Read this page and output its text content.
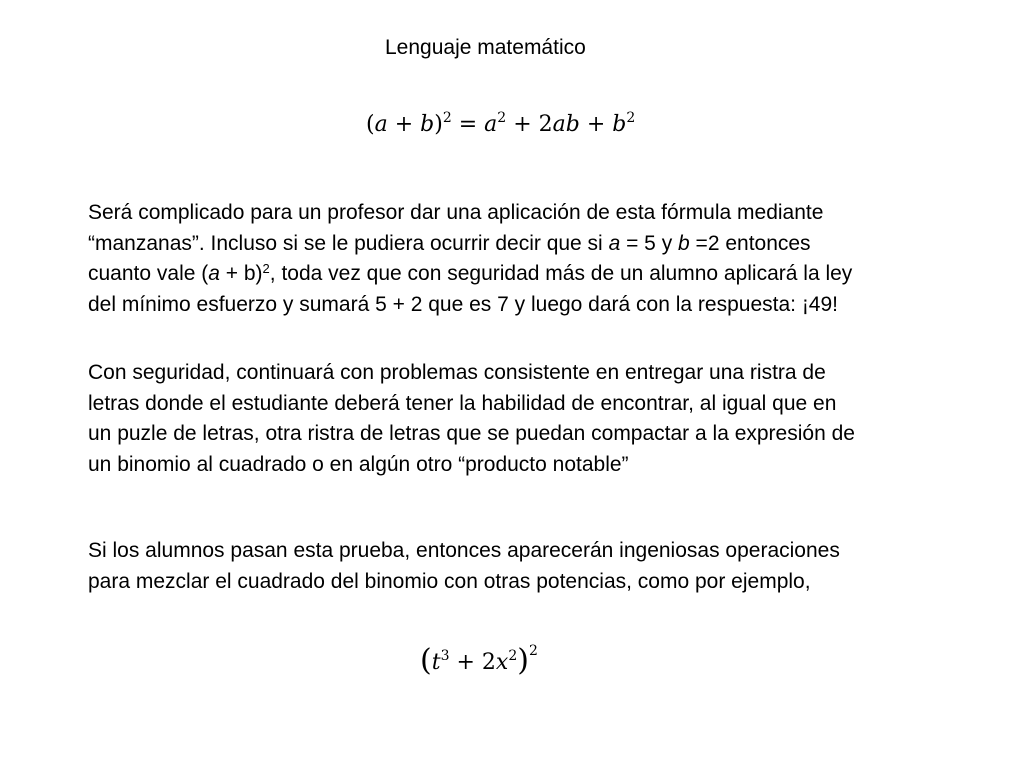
Lenguaje matemático
$(a + b)^2 = a^2 + 2ab + b^2$
Será complicado para un profesor dar una aplicación de esta fórmula mediante
“manzanas”. Incluso si se le pudiera ocurrir decir que si a = 5 y b =2 entonces
cuanto vale $(a + b)^2$, toda vez que con seguridad más de un alumno aplicará la ley
del mínimo esfuerzo y sumará 5 + 2 que es 7 y luego dará con la respuesta: ¡49!
Con seguridad, continuará con problemas consistente en entregar una ristra de
letras donde el estudiante deberá tener la habilidad de encontrar, al igual que en
un puzle de letras, otra ristra de letras que se puedan compactar a la expresión de
un binomio al cuadrado o en algún otro “producto notable”
Si los alumnos pasan esta prueba, entonces aparecerán ingeniosas operaciones
para mezclar el cuadrado del binomio con otras potencias, como por ejemplo,
$(t^3 + 2x^2)^2$
